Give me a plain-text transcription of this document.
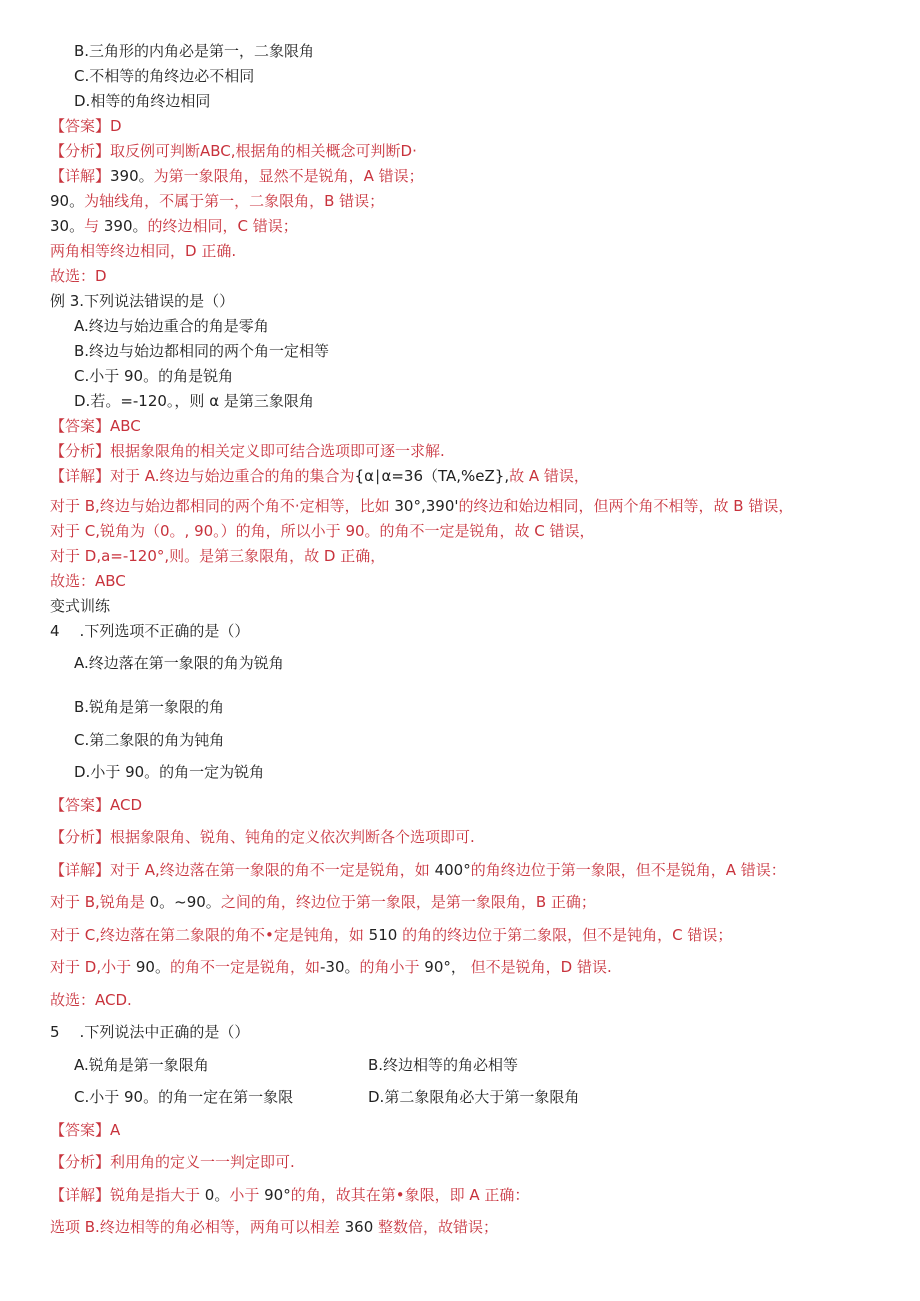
B.三角形的内角必是第一，二象限角
C.不相等的角终边必不相同
D.相等的角终边相同
【答案】D
【分析】取反例可判断ABC,根据角的相关概念可判断D·
【详解】390。为第一象限角，显然不是锐角，A 错误；
90。为轴线角，不属于第一，二象限角，B 错误；
30。与 390。的终边相同，C 错误；
两角相等终边相同，D 正确.
故选：D
例 3.下列说法错误的是（）
A.终边与始边重合的角是零角
B.终边与始边都相同的两个角一定相等
C.小于 90。的角是锐角
D.若。=-120。，则 α 是第三象限角
【答案】ABC
【分析】根据象限角的相关定义即可结合选项即可逐一求解.
【详解】对于 A.终边与始边重合的角的集合为{α∣α=36（TA,%eZ},故 A 错误，
对于 B,终边与始边都相同的两个角不·定相等，比如 30°,390'的终边和始边相同，但两个角不相等，故 B 错误，
对于 C,锐角为（0。, 90。）的角，所以小于 90。的角不一定是锐角，故 C 错误，
对于 D,a=-120°,则。是第三象限角，故 D 正确，
故选：ABC
变式训练
4 .下列选项不正确的是（）
A.终边落在第一象限的角为锐角
B.锐角是第一象限的角
C.第二象限的角为钝角
D.小于 90。的角一定为锐角
【答案】ACD
【分析】根据象限角、锐角、钝角的定义依次判断各个选项即可.
【详解】对于 A,终边落在第一象限的角不一定是锐角，如 400°的角终边位于第一象限，但不是锐角，A 错误：
对于 B,锐角是 0。~90。之间的角，终边位于第一象限，是第一象限角，B 正确；
对于 C,终边落在第二象限的角不•定是钝角，如 510 的角的终边位于第二象限，但不是钝角，C 错误；
对于 D,小于 90。的角不一定是锐角，如-30。的角小于 90°， 但不是锐角，D 错误.
故选：ACD.
5 .下列说法中正确的是（）
A.锐角是第一象限角	B.终边相等的角必相等
C.小于 90。的角一定在第一象限	D.第二象限角必大于第一象限角
【答案】A
【分析】利用角的定义一一判定即可.
【详解】锐角是指大于 0。小于 90°的角，故其在第•象限，即 A 正确：
选项 B.终边相等的角必相等，两角可以相差 360 整数倍，故错误；
